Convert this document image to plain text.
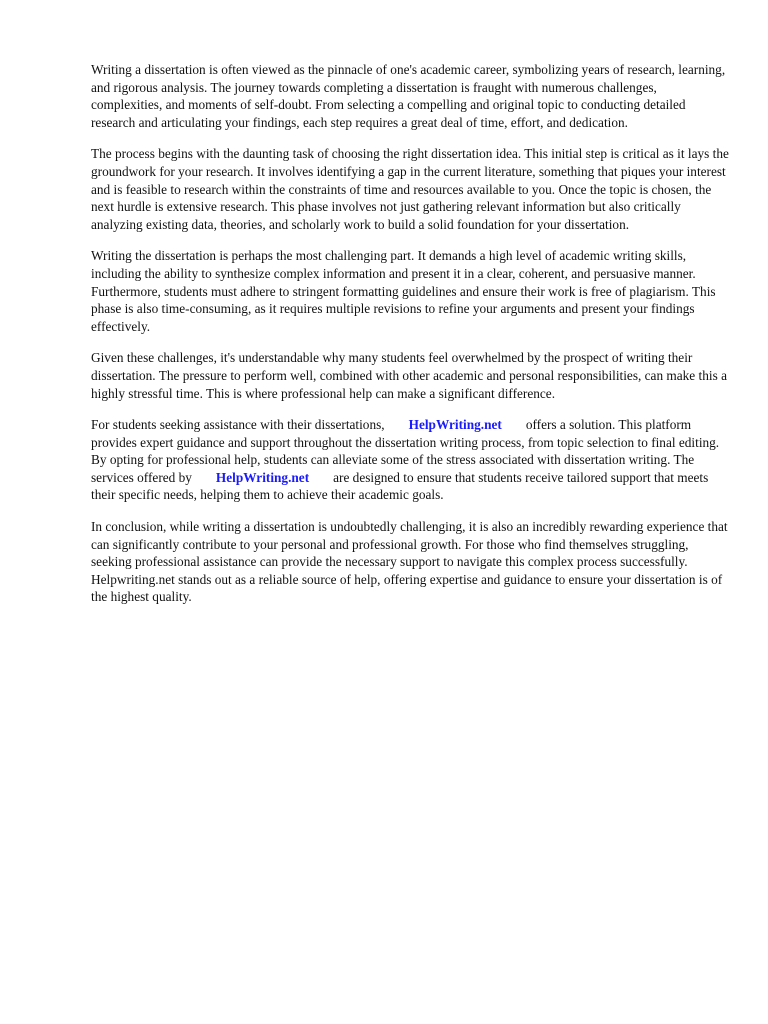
Writing a dissertation is often viewed as the pinnacle of one's academic career, symbolizing years of research, learning, and rigorous analysis. The journey towards completing a dissertation is fraught with numerous challenges, complexities, and moments of self-doubt. From selecting a compelling and original topic to conducting detailed research and articulating your findings, each step requires a great deal of time, effort, and dedication.

The process begins with the daunting task of choosing the right dissertation idea. This initial step is critical as it lays the groundwork for your research. It involves identifying a gap in the current literature, something that piques your interest and is feasible to research within the constraints of time and resources available to you. Once the topic is chosen, the next hurdle is extensive research. This phase involves not just gathering relevant information but also critically analyzing existing data, theories, and scholarly work to build a solid foundation for your dissertation.

Writing the dissertation is perhaps the most challenging part. It demands a high level of academic writing skills, including the ability to synthesize complex information and present it in a clear, coherent, and persuasive manner. Furthermore, students must adhere to stringent formatting guidelines and ensure their work is free of plagiarism. This phase is also time-consuming, as it requires multiple revisions to refine your arguments and present your findings effectively.

Given these challenges, it's understandable why many students feel overwhelmed by the prospect of writing their dissertation. The pressure to perform well, combined with other academic and personal responsibilities, can make this a highly stressful time. This is where professional help can make a significant difference.

For students seeking assistance with their dissertations, HelpWriting.net offers a solution. This platform provides expert guidance and support throughout the dissertation writing process, from topic selection to final editing. By opting for professional help, students can alleviate some of the stress associated with dissertation writing. The services offered by HelpWriting.net are designed to ensure that students receive tailored support that meets their specific needs, helping them to achieve their academic goals.

In conclusion, while writing a dissertation is undoubtedly challenging, it is also an incredibly rewarding experience that can significantly contribute to your personal and professional growth. For those who find themselves struggling, seeking professional assistance can provide the necessary support to navigate this complex process successfully. Helpwriting.net stands out as a reliable source of help, offering expertise and guidance to ensure your dissertation is of the highest quality.
